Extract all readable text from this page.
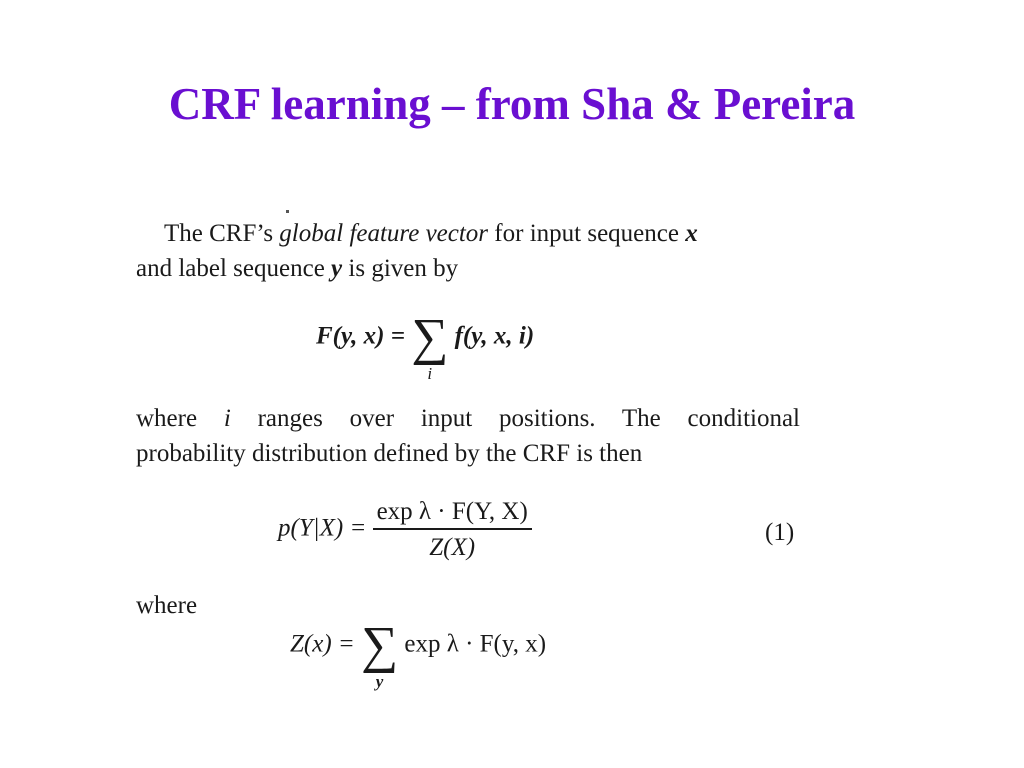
CRF learning – from Sha & Pereira
The CRF’s global feature vector for input sequence x
and label sequence y is given by
F(y, x) = ∑
i
f(y, x, i)
where i ranges over input positions. The conditional
probability distribution defined by the CRF is then
$p(Y|X) = \frac{\text{exp λ · F(Y, X)}}{Z(X)}$	(1)
where
Z(x) = ∑
y
exp λ · F(y, x)
